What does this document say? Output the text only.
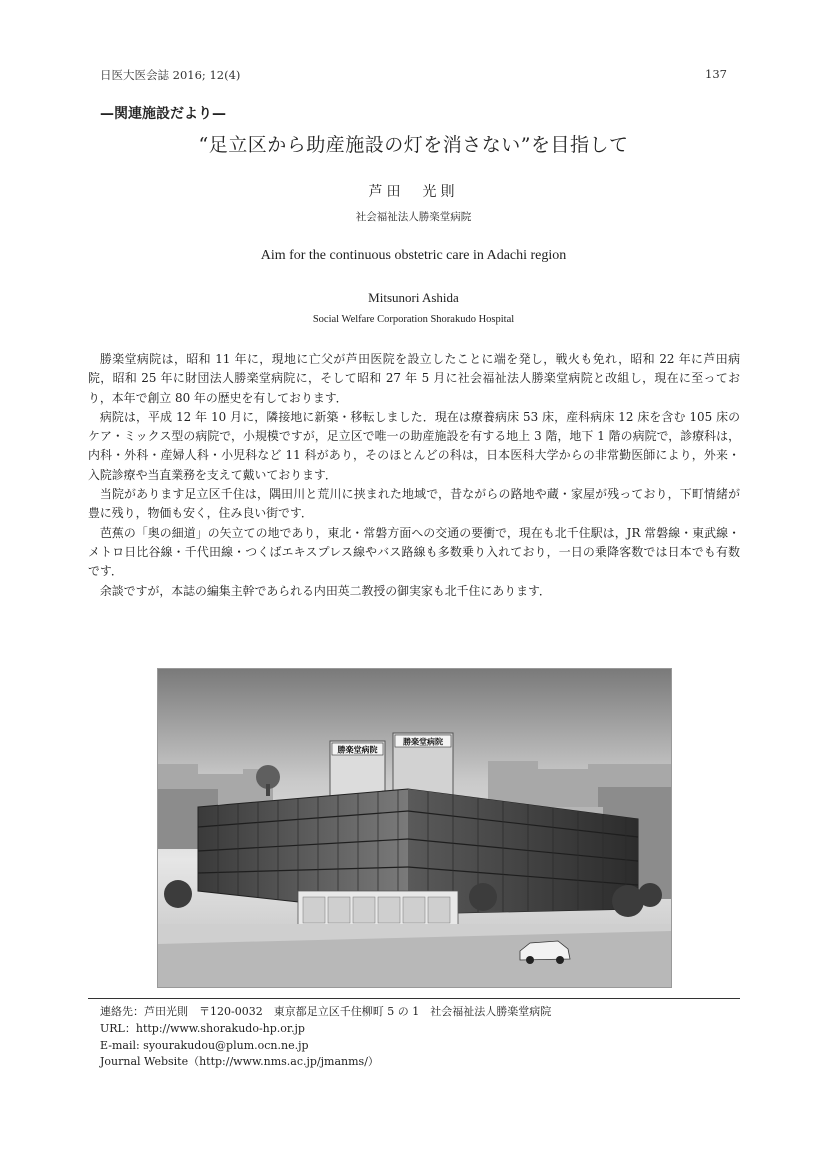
日医大医会誌 2016; 12(4)	137
—関連施設だより—
“足立区から助産施設の灯を消さない”を目指して
芦田　光則
社会福祉法人勝楽堂病院
Aim for the continuous obstetric care in Adachi region
Mitsunori Ashida
Social Welfare Corporation Shorakudo Hospital

勝楽堂病院は，昭和 11 年に，現地に亡父が芦田医院を設立したことに端を発し，戦火も免れ，昭和 22 年に芦田病院，昭和 25 年に財団法人勝楽堂病院に，そして昭和 27 年 5 月に社会福祉法人勝楽堂病院と改組し，現在に至っており，本年で創立 80 年の歴史を有しております．

病院は，平成 12 年 10 月に，隣接地に新築・移転しました．現在は療養病床 53 床，産科病床 12 床を含む 105 床のケア・ミックス型の病院で，小規模ですが，足立区で唯一の助産施設を有する地上 3 階，地下 1 階の病院で，診療科は，内科・外科・産婦人科・小児科など 11 科があり，そのほとんどの科は，日本医科大学からの非常勤医師により，外来・入院診療や当直業務を支えて戴いております．

当院があります足立区千住は，隅田川と荒川に挟まれた地域で，昔ながらの路地や蔵・家屋が残っており，下町情緒が豊に残り，物価も安く，住み良い街です．

芭蕉の「奥の細道」の矢立ての地であり，東北・常磐方面への交通の要衝で，現在も北千住駅は，JR 常磐線・東武線・メトロ日比谷線・千代田線・つくばエキスプレス線やバス路線も多数乗り入れており，一日の乗降客数では日本でも有数です．

余談ですが，本誌の編集主幹であられる内田英二教授の御実家も北千住にあります．

勝楽堂病院
勝楽堂病院
連絡先：芦田光則　〒120-0032　東京都足立区千住柳町 5 の 1　社会福祉法人勝楽堂病院
URL：http://www.shorakudo-hp.or.jp
E-mail: syourakudou@plum.ocn.ne.jp
Journal Website（http://www.nms.ac.jp/jmanms/）
